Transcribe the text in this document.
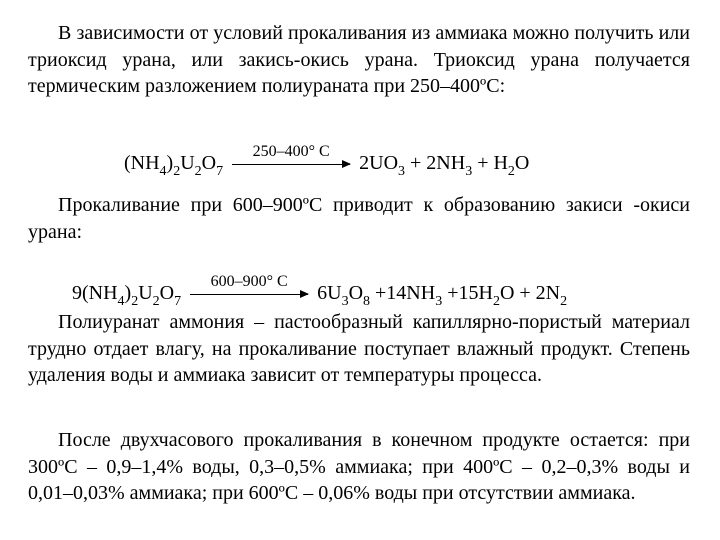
В зависимости от условий прокаливания из аммиака можно получить или триоксид урана, или закись-окись урана. Триоксид урана получается термическим разложением полиураната при 250–400ºС:

$(NH_4)_2U_2O_7$
250–400° C
$2UO_3 + 2NH_3 + H_2O$

Прокаливание при 600–900ºС приводит к образованию закиси -окиси урана:

$9(NH_4)_2U_2O_7$
600–900° C
$6U_3O_8 +14NH_3 +15H_2O + 2N_2$

Полиуранат аммония – пастообразный капиллярно-пористый материал трудно отдает влагу, на прокаливание поступает влажный продукт. Степень удаления воды и аммиака зависит от температуры процесса.

После двухчасового прокаливания в конечном продукте остается: при 300ºС – 0,9–1,4% воды, 0,3–0,5% аммиака; при 400ºС – 0,2–0,3% воды и 0,01–0,03% аммиака; при 600ºС – 0,06% воды при отсутствии аммиака.
